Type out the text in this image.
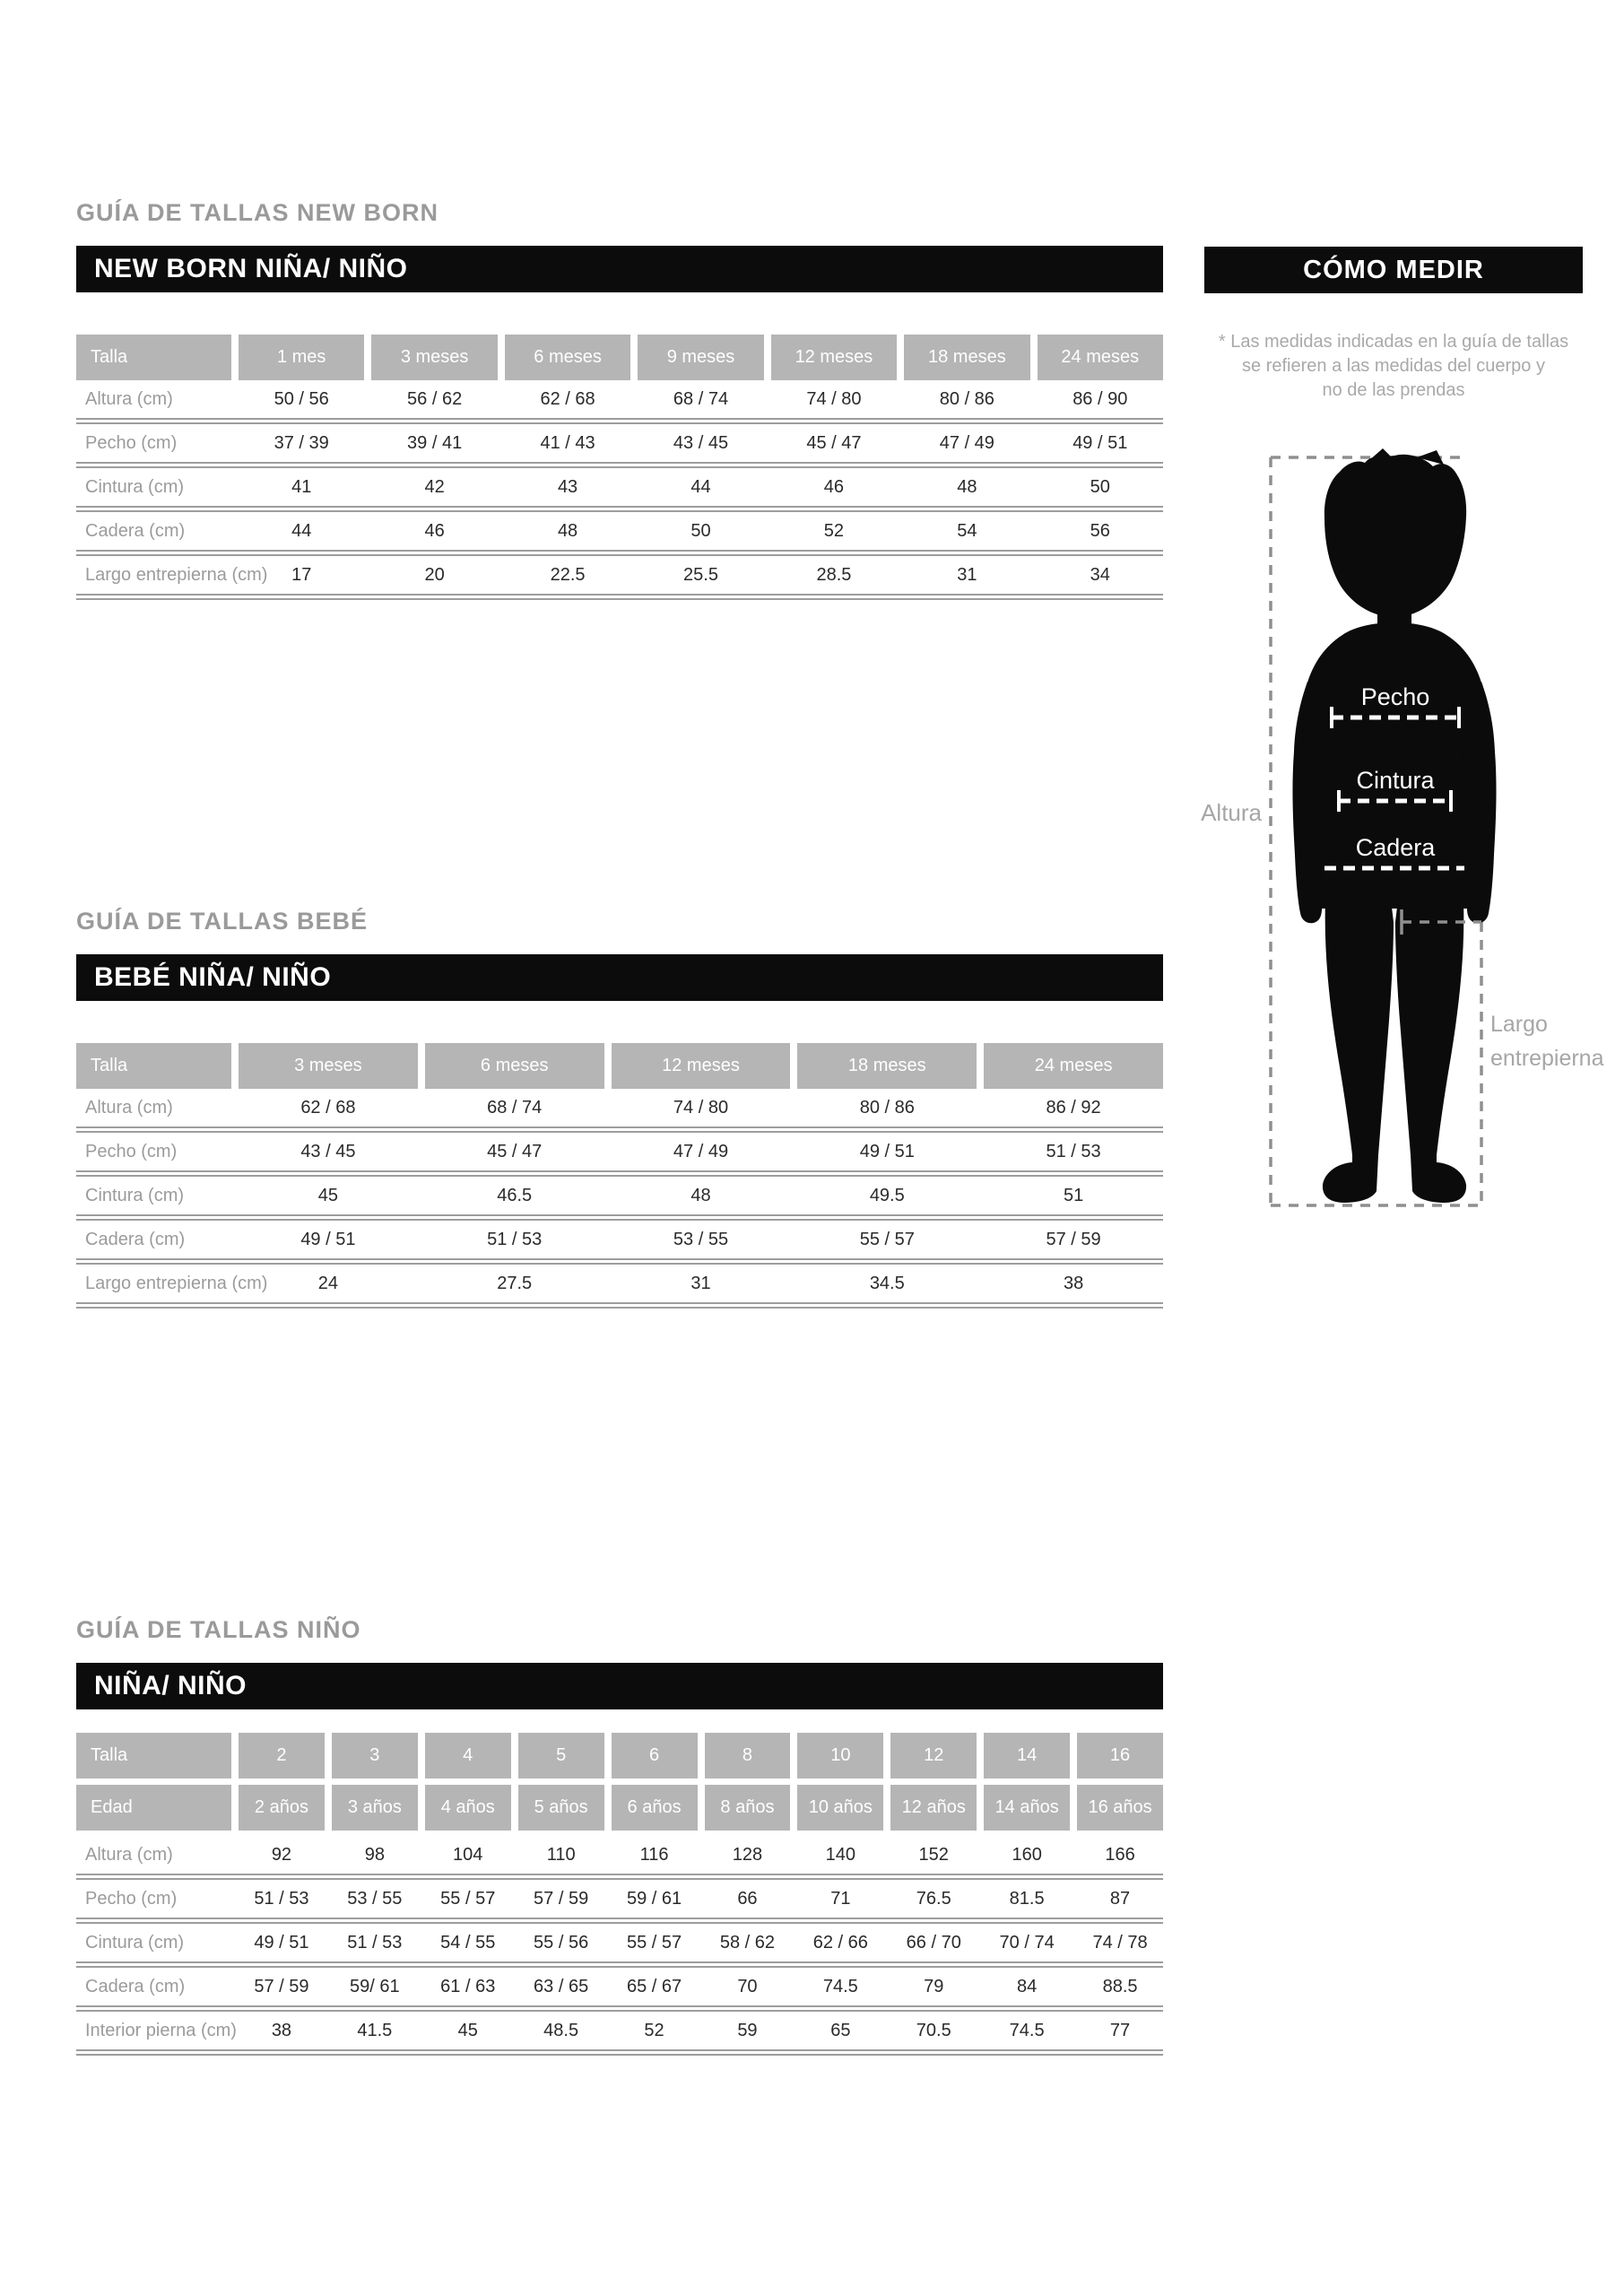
GUÍA DE TALLAS NEW BORN
NEW BORN NIÑA/ NIÑO
Talla	1 mes	3 meses	6 meses	9 meses	12 meses	18 meses	24 meses
Altura (cm)	50 / 56	56 / 62	62 / 68	68 / 74	74 / 80	80 / 86	86 / 90
Pecho (cm)	37 / 39	39 / 41	41 / 43	43 / 45	45 / 47	47 / 49	49 / 51
Cintura (cm)	41	42	43	44	46	48	50
Cadera (cm)	44	46	48	50	52	54	56
Largo entrepierna (cm)	17	20	22.5	25.5	28.5	31	34
GUÍA DE TALLAS BEBÉ
BEBÉ NIÑA/ NIÑO
Talla	3 meses	6 meses	12 meses	18 meses	24 meses
Altura (cm)	62 / 68	68 / 74	74 / 80	80 / 86	86 / 92
Pecho (cm)	43 / 45	45 / 47	47 / 49	49 / 51	51 / 53
Cintura (cm)	45	46.5	48	49.5	51
Cadera (cm)	49 / 51	51 / 53	53 / 55	55 / 57	57 / 59
Largo entrepierna (cm)	24	27.5	31	34.5	38
GUÍA DE TALLAS NIÑO
NIÑA/ NIÑO
Talla	2	3	4	5	6	8	10	12	14	16
Edad	2 años	3 años	4 años	5 años	6 años	8 años	10 años	12 años	14 años	16 años
Altura (cm)	92	98	104	110	116	128	140	152	160	166
Pecho (cm)	51 / 53	53 / 55	55 / 57	57 / 59	59 / 61	66	71	76.5	81.5	87
Cintura (cm)	49 / 51	51 / 53	54 / 55	55 / 56	55 / 57	58 / 62	62 / 66	66 / 70	70 / 74	74 / 78
Cadera (cm)	57 / 59	59/ 61	61 / 63	63 / 65	65 / 67	70	74.5	79	84	88.5
Interior pierna (cm)	38	41.5	45	48.5	52	59	65	70.5	74.5	77
CÓMO MEDIR
* Las medidas indicadas en la guía de tallas
se refieren a las medidas del cuerpo y
no de las prendas
Pecho
Cintura
Cadera
Altura
Largo
entrepierna
